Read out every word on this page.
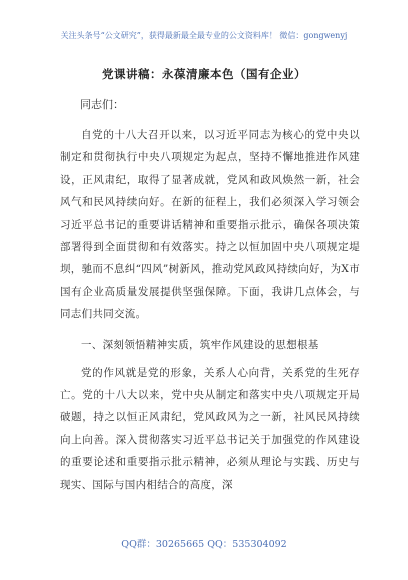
关注头条号“公文研究”，获得最新最全最专业的公文资料库！ 微信：gongwenyj
党课讲稿：永葆清廉本色（国有企业）
同志们：

自党的十八大召开以来，以习近平同志为核心的党中央以制定和贯彻执行中央八项规定为起点，坚持不懈地推进作风建设，正风肃纪，取得了显著成就，党风和政风焕然一新，社会风气和民风持续向好。在新的征程上，我们必须深入学习领会习近平总书记的重要讲话精神和重要指示批示，确保各项决策部署得到全面贯彻和有效落实。持之以恒加固中央八项规定堤坝，驰而不息纠“四风”树新风，推动党风政风持续向好，为X市国有企业高质量发展提供坚强保障。下面，我讲几点体会，与同志们共同交流。

一、深刻领悟精神实质，筑牢作风建设的思想根基

党的作风就是党的形象，关系人心向背，关系党的生死存亡。党的十八大以来，党中央从制定和落实中央八项规定开局破题，持之以恒正风肃纪，党风政风为之一新，社风民风持续向上向善。深入贯彻落实习近平总书记关于加强党的作风建设的重要论述和重要指示批示精神，必须从理论与实践、历史与现实、国际与国内相结合的高度，深

QQ群：30265665 QQ：535304092
